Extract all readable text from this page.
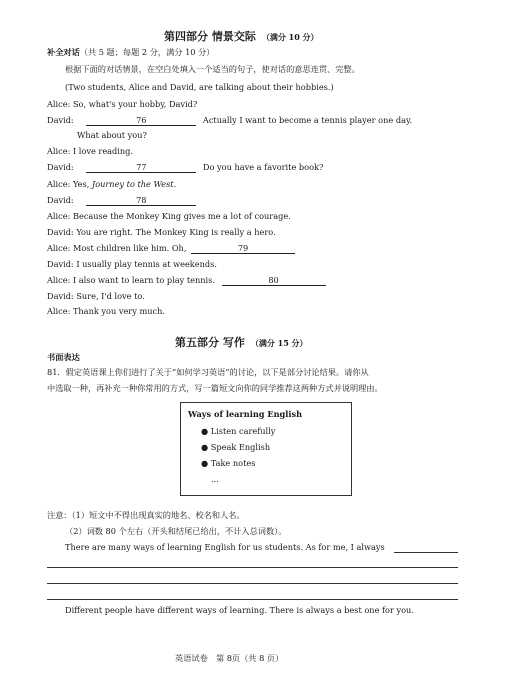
第四部分 情景交际 （满分 10 分）
补全对话（共 5 题；每题 2 分，满分 10 分）
根据下面的对话情景，在空白处填入一个适当的句子，使对话的意思连贯、完整。
(Two students, Alice and David, are talking about their hobbies.)
Alice: So, what's your hobby, David?
David:	76	Actually I want to become a tennis player one day.
What about you?
Alice: I love reading.
David:	77	Do you have a favorite book?
Alice: Yes, Journey to the West.
David:	78
Alice: Because the Monkey King gives me a lot of courage.
David: You are right. The Monkey King is really a hero.
Alice: Most children like him. Oh,	79
David: I usually play tennis at weekends.
Alice: I also want to learn to play tennis.	80
David: Sure, I'd love to.
Alice: Thank you very much.
第五部分 写作 （满分 15 分）
书面表达
81．假定英语课上你们进行了关于“如何学习英语”的讨论，以下是部分讨论结果。请你从
中选取一种，再补充一种你常用的方式，写一篇短文向你的同学推荐这两种方式并说明理由。
Ways of learning English
● Listen carefully
● Speak English
● Take notes
...
注意：（1）短文中不得出现真实的地名、校名和人名。
（2）词数 80 个左右（开头和结尾已给出，不计入总词数）。
There are many ways of learning English for us students. As for me, I always
Different people have different ways of learning. There is always a best one for you.
英语试卷　第 8页（共 8 页）
